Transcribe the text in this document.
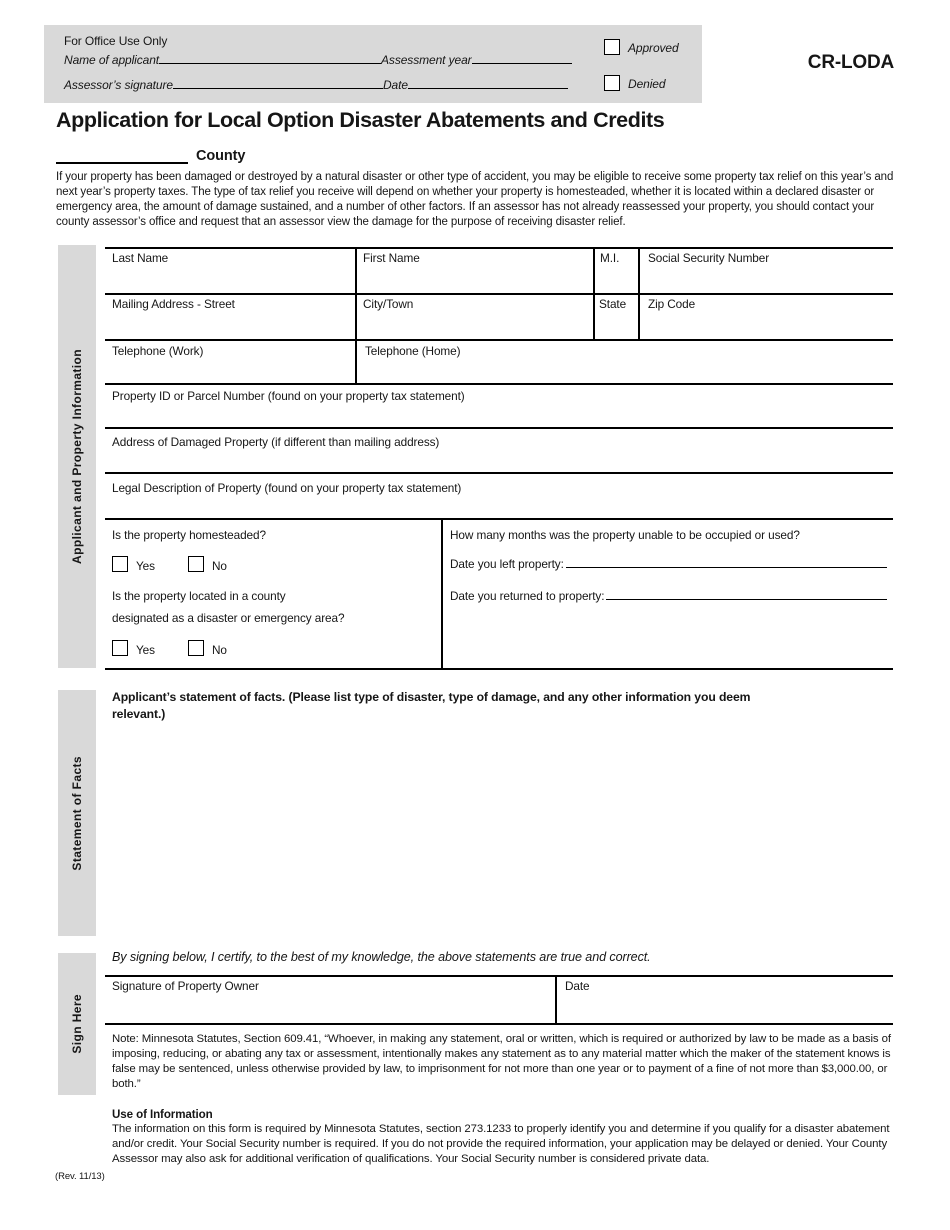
For Office Use Only
Name of applicant	Assessment year
Assessor’s signature	Date
Approved
Denied
CR-LODA
Application for Local Option Disaster Abatements and Credits
County
If your property has been damaged or destroyed by a natural disaster or other type of accident, you may be eligible to receive some property tax relief on this year’s and next year’s property taxes. The type of tax relief you receive will depend on whether your property is homesteaded, whether it is located within a declared disaster or emergency area, the amount of damage sustained, and a number of other factors. If an assessor has not already reassessed your property, you should contact your county assessor’s office and request that an assessor view the damage for the purpose of receiving disaster relief.
Applicant and Property Information
Statement of Facts
Sign Here
Last Name	First Name	M.I. Social Security Number
Mailing Address - Street	City/Town	State Zip Code
Telephone (Work)	Telephone (Home)
Property ID or Parcel Number (found on your property tax statement)
Address of Damaged Property (if different than mailing address)
Legal Description of Property (found on your property tax statement)
Is the property homesteaded?
Yes	No
Is the property located in a county
designated as a disaster or emergency area?
Yes	No
How many months was the property unable to be occupied or used?
Date you left property:
Date you returned to property:
Applicant’s statement of facts. (Please list type of disaster, type of damage, and any other information you deem
relevant.)
By signing below, I certify, to the best of my knowledge, the above statements are true and correct.
Signature of Property Owner	Date
Note: Minnesota Statutes, Section 609.41, “Whoever, in making any statement, oral or written, which is required or authorized by law to be made as a basis of imposing, reducing, or abating any tax or assessment, intentionally makes any statement as to any material matter which the maker of the statement knows is false may be sentenced, unless otherwise provided by law, to imprisonment for not more than one year or to payment of a fine of not more than $3,000.00, or both.”
Use of Information
The information on this form is required by Minnesota Statutes, section 273.1233 to properly identify you and determine if you qualify for a disaster abatement and/or credit. Your Social Security number is required. If you do not provide the required information, your application may be delayed or denied. Your County Assessor may also ask for additional verification of qualifications. Your Social Security number is considered private data.
(Rev. 11/13)
